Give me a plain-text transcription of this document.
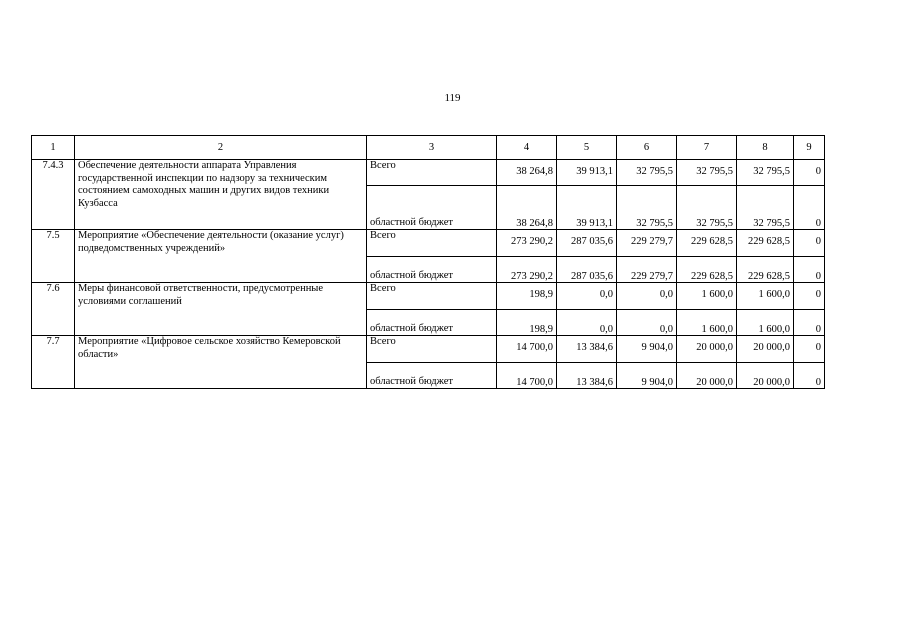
119
1	2	3	4	5	6	7	8	9
7.4.3	Обеспечение деятельности аппарата Управления государственной инспекции по надзору за техническим состоянием самоходных машин и других видов техники Кузбасса	Всего	38 264,8	39 913,1	32 795,5	32 795,5	32 795,5	0
		областной бюджет	38 264,8	39 913,1	32 795,5	32 795,5	32 795,5	0
7.5	Мероприятие «Обеспечение деятельности (оказание услуг) подведомственных учреждений»	Всего	273 290,2	287 035,6	229 279,7	229 628,5	229 628,5	0
		областной бюджет	273 290,2	287 035,6	229 279,7	229 628,5	229 628,5	0
7.6	Меры финансовой ответственности, предусмотренные условиями соглашений	Всего	198,9	0,0	0,0	1 600,0	1 600,0	0
		областной бюджет	198,9	0,0	0,0	1 600,0	1 600,0	0
7.7	Мероприятие «Цифровое сельское хозяйство Кемеровской области»	Всего	14 700,0	13 384,6	9 904,0	20 000,0	20 000,0	0
		областной бюджет	14 700,0	13 384,6	9 904,0	20 000,0	20 000,0	0
